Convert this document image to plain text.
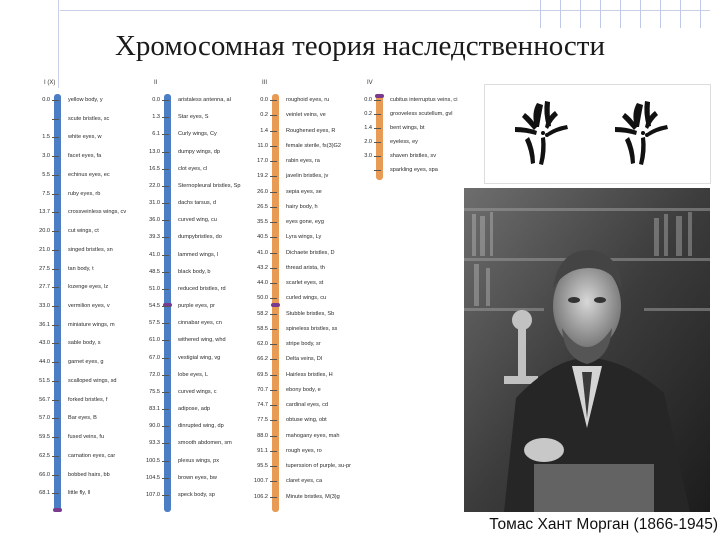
Хромосомная теория наследственности
I (X)	II	III	IV
0.0	yellow body, y
scute bristles, sc
1.5	white eyes, w
3.0	facet eyes, fa
5.5	echinus eyes, ec
7.5	ruby eyes, rb
13.7	crossveinless wings, cv
20.0	cut wings, ct
21.0	singed bristles, sn
27.5	tan body, t
27.7	lozenge eyes, lz
33.0	vermilion eyes, v
36.1	miniature wings, m
43.0	sable body, s
44.0	garnet eyes, g
51.5	scalloped wings, sd
56.7	forked bristles, f
57.0	Bar eyes, B
59.5	fused veins, fu
62.5	carnation eyes, car
66.0	bobbed hairs, bb
68.1	little fly, ll
0.0	aristaless antenna, al
1.3	Star eyes, S
6.1	Curly wings, Cy
13.0	dumpy wings, dp
16.5	clot eyes, cl
22.0	Sternopleural bristles, Sp
31.0	dachs tarsus, d
36.0	curved wing, cu
39.3	dumpybristles, do
41.0	lammed wings, l
48.5	black body, b
51.0	reduced bristles, rd
54.5	purple eyes, pr
57.5	cinnabar eyes, cn
61.0	withered wing, whd
67.0	vestigial wing, vg
72.0	lobe eyes, L
75.5	curved wings, c
83.1	adipose, adp
90.0	dinrupted wing, dp
93.3	smooth abdomen, sm
100.5	plexus wings, px
104.5	brown eyes, bw
107.0	speck body, sp
0.0	roughoid eyes, ru
0.2	veinlet veins, ve
1.4	Roughened eyes, R
11.0	female sterile, fs(3)G2
17.0	rabin eyes, ra
19.2	javelin bristles, jv
26.0	sepia eyes, se
26.5	hairy body, h
35.5	eyes gone, eyg
40.5	Lyra wings, Ly
41.0	Dichaete bristles, D
43.2	thread arista, th
44.0	scarlet eyes, st
50.0	curled wings, cu
58.2	Stubble bristles, Sb
58.5	spineless bristles, ss
62.0	stripe body, sr
66.2	Delta veins, Dl
69.5	Hairless bristles, H
70.7	ebony body, e
74.7	cardinal eyes, cd
77.5	obtuse wing, obt
88.0	mahogany eyes, mah
91.1	rough eyes, ro
95.5	tuperssion of purple, su-pr
100.7	claret eyes, ca
106.2	Minute bristles, M(3)g
0.0	cubitus interruptus veins, ci
0.2	grooveless scutellum, gvl
1.4	bent wings, bt
2.0	eyeless, ey
3.0	shaven bristles, sv
sparkling eyes, spa
Томас Хант Морган (1866-1945)
